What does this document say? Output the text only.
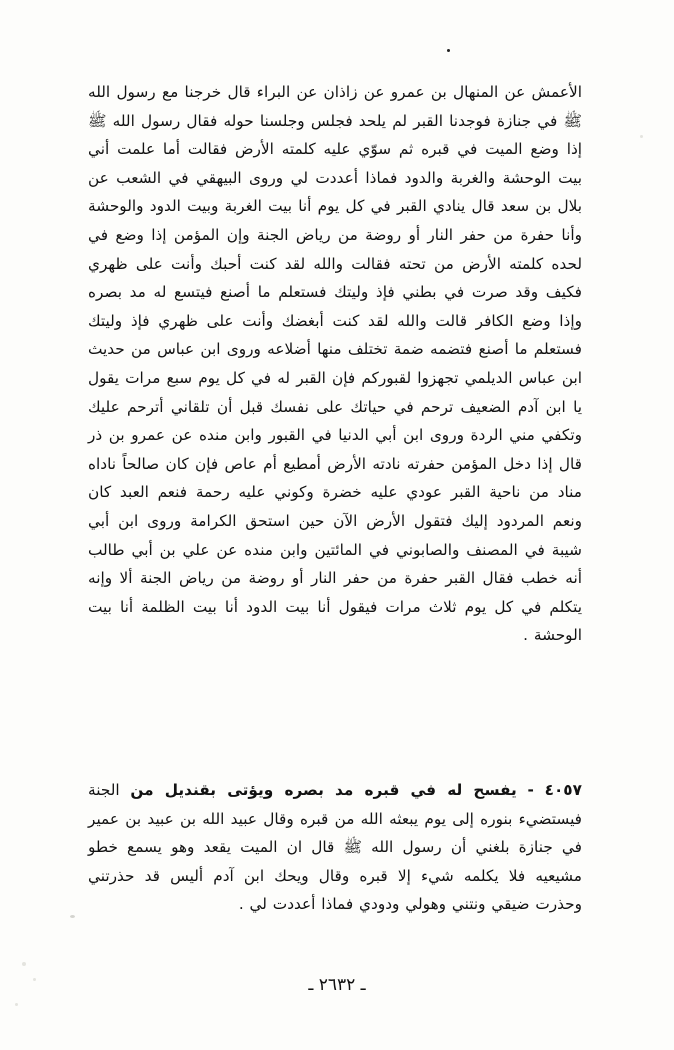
الأعمش عن المنهال بن عمرو عن زاذان عن البراء قال خرجنا مع رسول الله ﷺ في جنازة فوجدنا القبر لم يلحد فجلس وجلسنا حوله فقال رسول الله ﷺ إذا وضع الميت في قبره ثم سوّي عليه كلمته الأرض فقالت أما علمت أني بيت الوحشة والغربة والدود فماذا أعددت لي وروى البيهقي في الشعب عن بلال بن سعد قال ينادي القبر في كل يوم أنا بيت الغربة وبيت الدود والوحشة وأنا حفرة من حفر النار أو روضة من رياض الجنة وإن المؤمن إذا وضع في لحده كلمته الأرض من تحته فقالت والله لقد كنت أحبك وأنت على ظهري فكيف وقد صرت في بطني فإذ وليتك فستعلم ما أصنع فيتسع له مد بصره وإذا وضع الكافر قالت والله لقد كنت أبغضك وأنت على ظهري فإذ وليتك فستعلم ما أصنع فتضمه ضمة تختلف منها أضلاعه وروى ابن عباس من حديث ابن عباس الديلمي تجهزوا لقبوركم فإن القبر له في كل يوم سبع مرات يقول يا ابن آدم الضعيف ترحم في حياتك على نفسك قبل أن تلقاني أترحم عليك وتكفي مني الردة وروى ابن أبي الدنيا في القبور وابن منده عن عمرو بن ذر قال إذا دخل المؤمن حفرته نادته الأرض أمطيع أم عاص فإن كان صالحاً ناداه مناد من ناحية القبر عودي عليه خضرة وكوني عليه رحمة فنعم العبد كان ونعم المردود إليك فتقول الأرض الآن حين استحق الكرامة وروى ابن أبي شيبة في المصنف والصابوني في المائتين وابن منده عن علي بن أبي طالب أنه خطب فقال القبر حفرة من حفر النار أو روضة من رياض الجنة ألا وإنه يتكلم في كل يوم ثلاث مرات فيقول أنا بيت الدود أنا بيت الظلمة أنا بيت الوحشة .

٤٠٥٧ - يفسح له في قبره مد بصره ويؤتى بقنديل من الجنة فيستضيء بنوره إلى يوم يبعثه الله من قبره وقال عبيد الله بن عبيد بن عمير في جنازة بلغني أن رسول الله ﷺ قال ان الميت يقعد وهو يسمع خطو مشيعيه فلا يكلمه شيء إلا قبره وقال ويحك ابن آدم أليس قد حذرتني وحذرت ضيقي ونتني وهولي ودودي فماذا أعددت لي .

ـ ٢٦٣٢ ـ
